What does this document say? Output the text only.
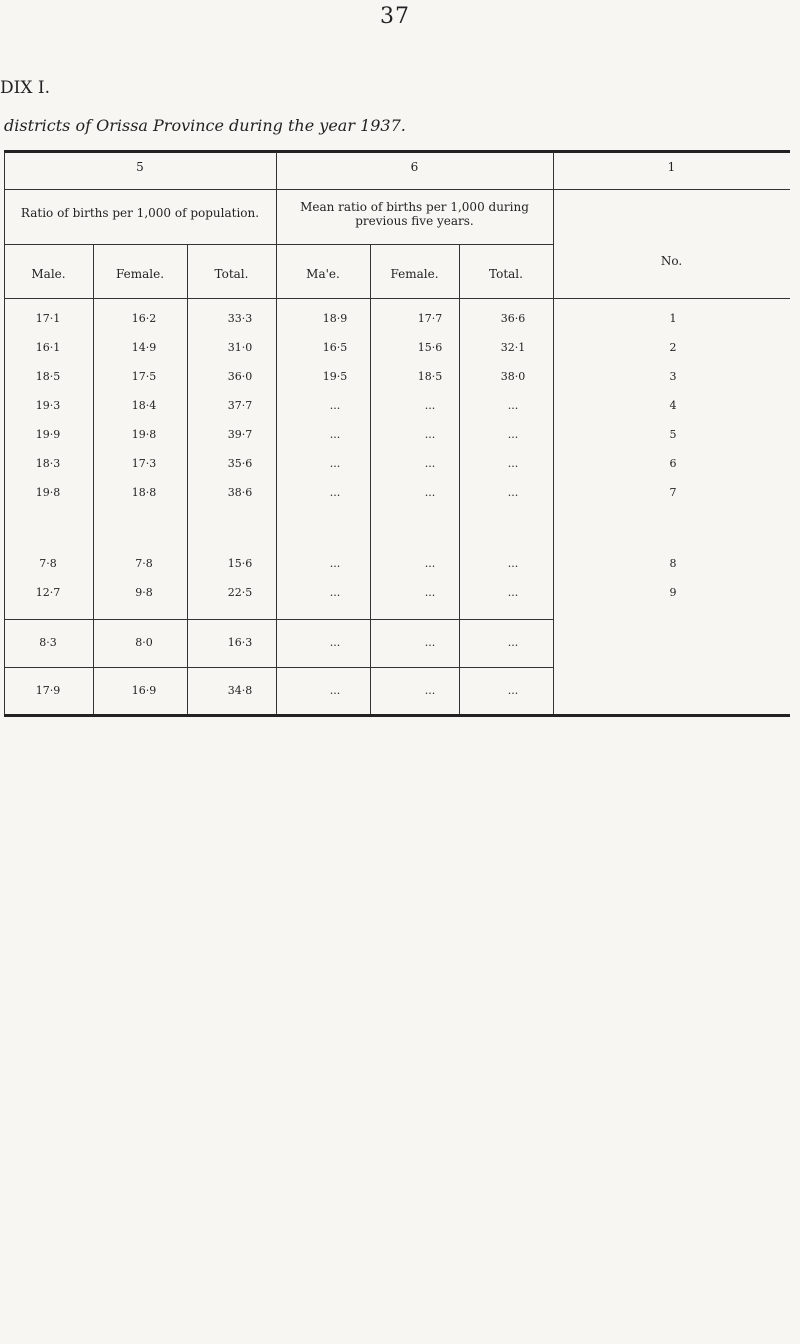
37
DIX I.
districts of Orissa Province during the year 1937.
5	6	1
Ratio of births per 1,000 of population.	Mean ratio of births per 1,000 during previous five years.
No.
Male.	Female.	Total.	Ma'e.	Female.	Total.
17·1	16·2	33·3	18·9	17·7	36·6	1
16·1	14·9	31·0	16·5	15·6	32·1	2
18·5	17·5	36·0	19·5	18·5	38·0	3
19·3	18·4	37·7	...	...	...	4
19·9	19·8	39·7	...	...	...	5
18·3	17·3	35·6	...	...	...	6
19·8	18·8	38·6	...	...	...	7
7·8	7·8	15·6	...	...	...	8
12·7	9·8	22·5	...	...	...	9
8·3	8·0	16·3	...	...	...
17·9	16·9	34·8	...	...	...
